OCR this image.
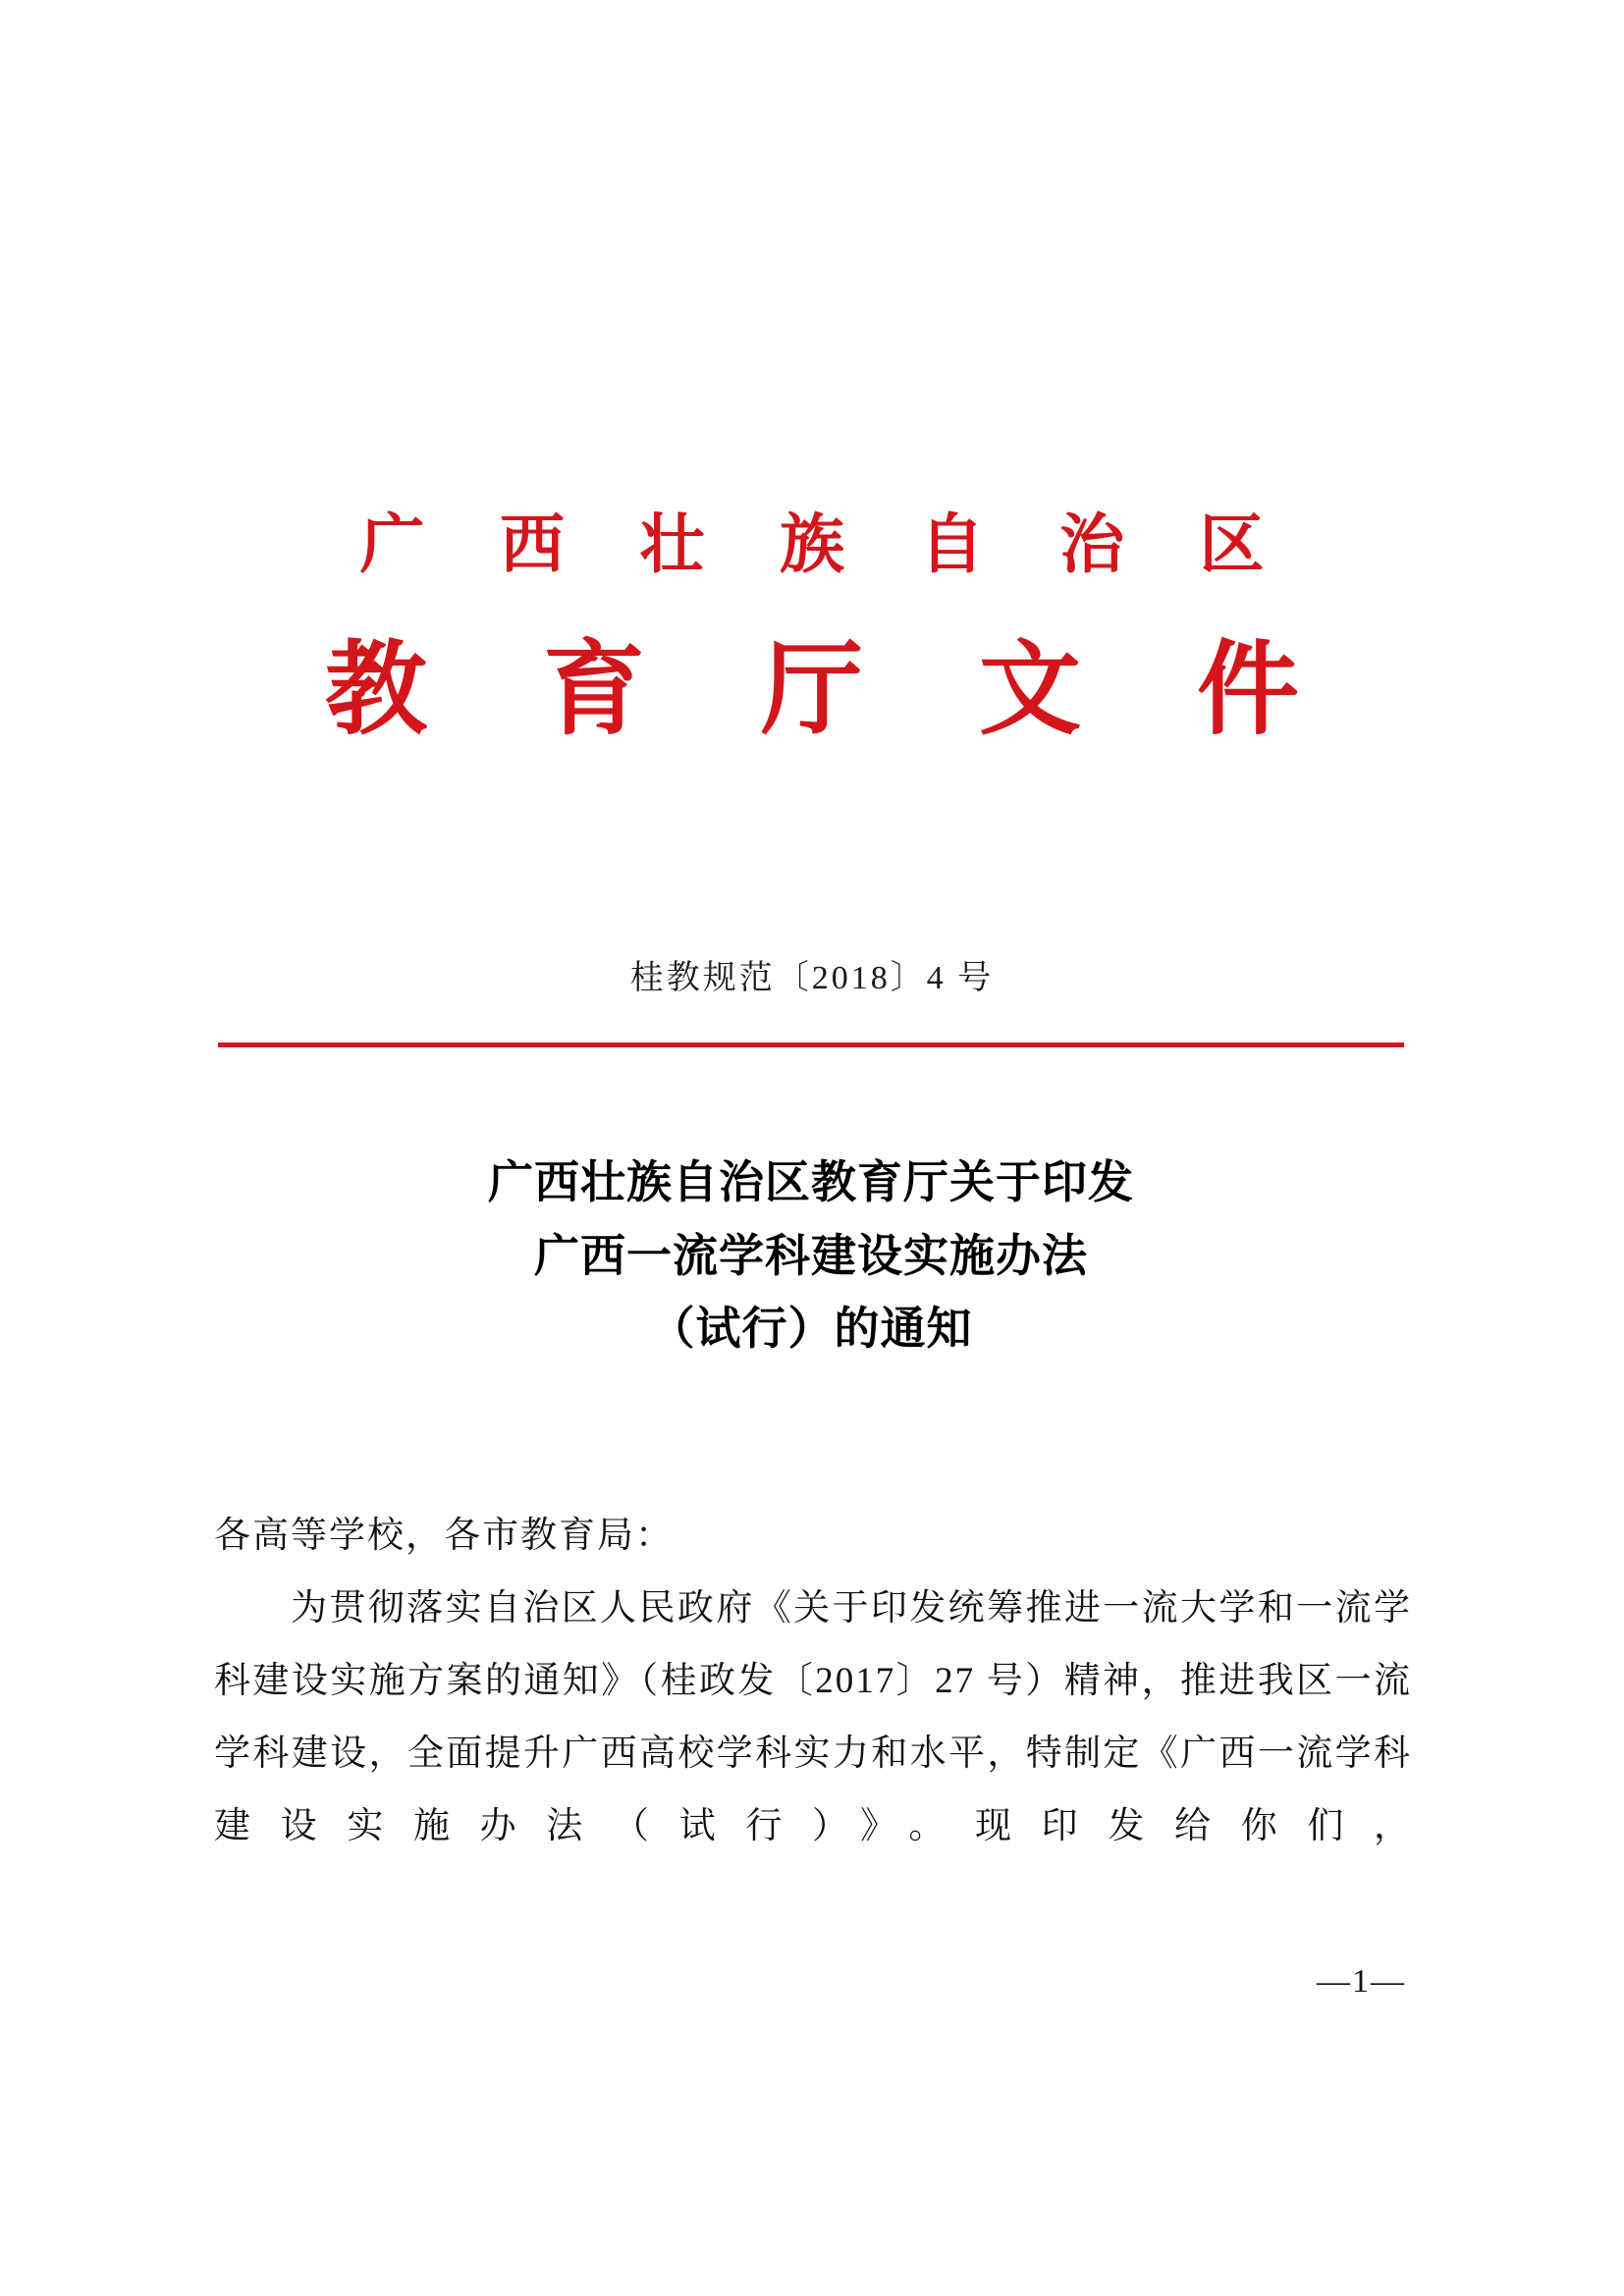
广 西 壮 族 自 治 区
教 育 厅 文 件
桂教规范〔2018〕4 号
广西壮族自治区教育厅关于印发
广西一流学科建设实施办法
（试行）的通知
各高等学校，各市教育局：
为贯彻落实自治区人民政府《关于印发统筹推进一流大学和一流学科建设实施方案的通知》（桂政发〔2017〕27 号）精神，推进我区一流学科建设，全面提升广西高校学科实力和水平，特制定《广西一流学科建设实施办法（试行）》。现印发给你们，
—1—
